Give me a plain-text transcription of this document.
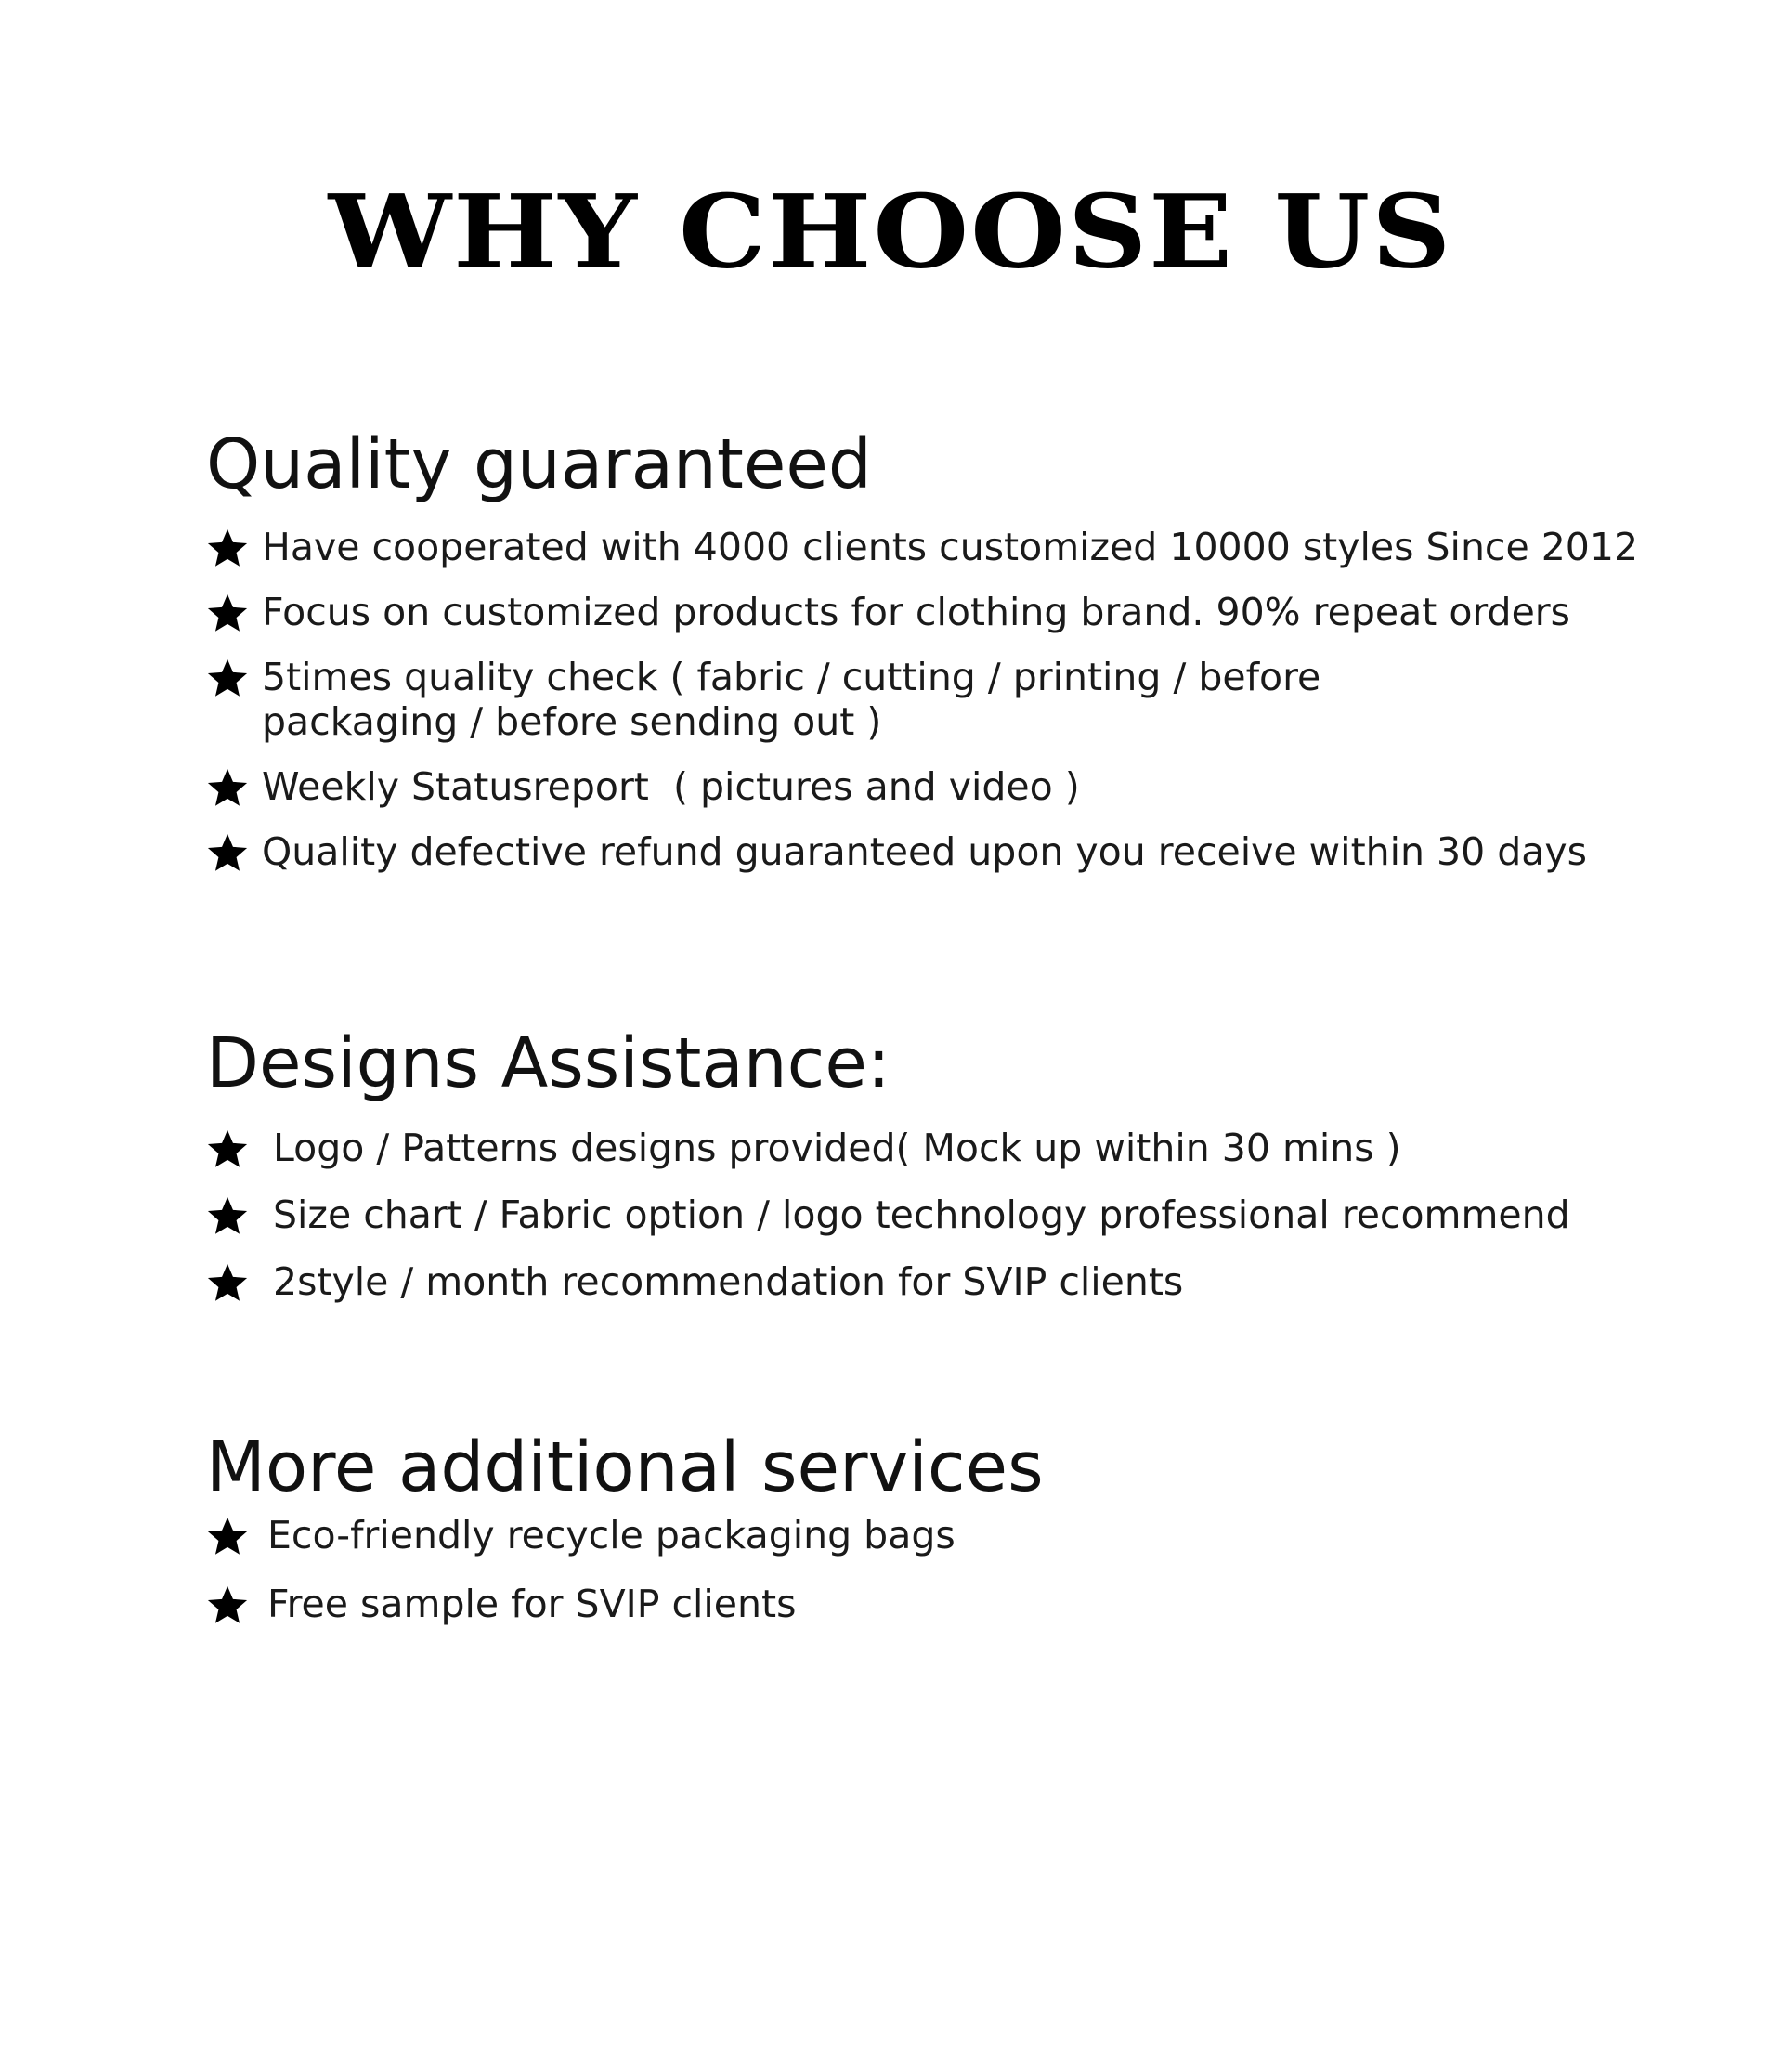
WHY CHOOSE US
Quality guaranteed
Have cooperated with 4000 clients customized 10000 styles Since 2012
Focus on customized products for clothing brand. 90% repeat orders
5times quality check ( fabric / cutting / printing / before
packaging / before sending out )
Weekly Statusreport  ( pictures and video )
Quality defective refund guaranteed upon you receive within 30 days
Designs Assistance:
Logo / Patterns designs provided( Mock up within 30 mins )
Size chart / Fabric option / logo technology professional recommend
2style / month recommendation for SVIP clients
More additional services
Eco-friendly recycle packaging bags
Free sample for SVIP clients
